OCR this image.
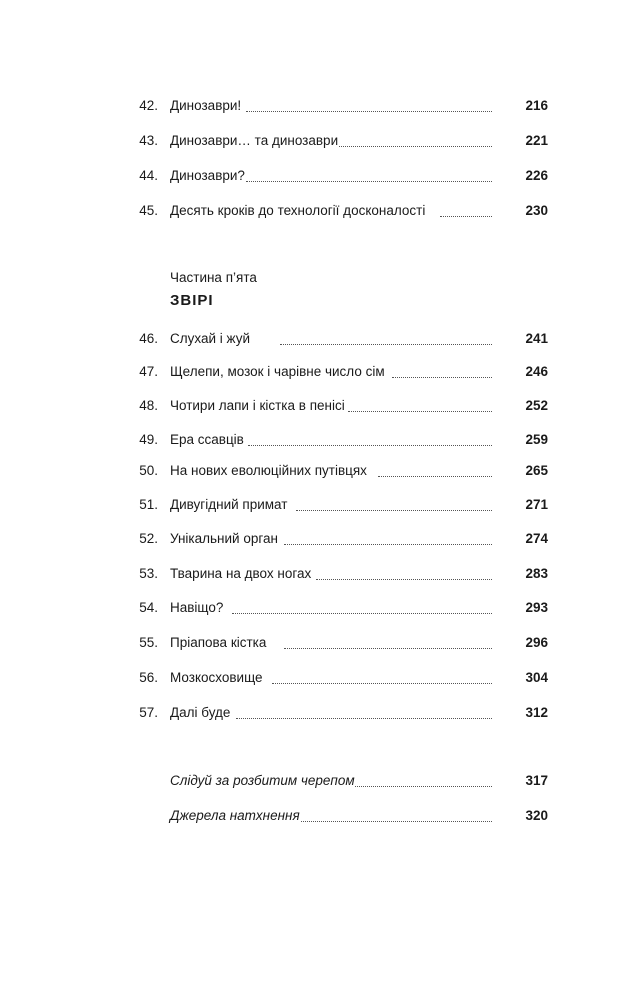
42. Динозаври!	216
43. Динозаври… та динозаври	221
44. Динозаври?	226
45. Десять кроків до технології досконалості	230
Частина п’ята
ЗВІРІ
46. Слухай і жуй	241
47. Щелепи, мозок і чарівне число сім	246
48. Чотири лапи і кістка в пенісі	252
49. Ера ссавців	259
50. На нових еволюційних путівцях	265
51. Дивугідний примат	271
52. Унікальний орган	274
53. Тварина на двох ногах	283
54. Навіщо?	293
55. Пріапова кістка	296
56. Мозкосховище	304
57. Далі буде	312
Слідуй за розбитим черепом	317
Джерела натхнення	320
